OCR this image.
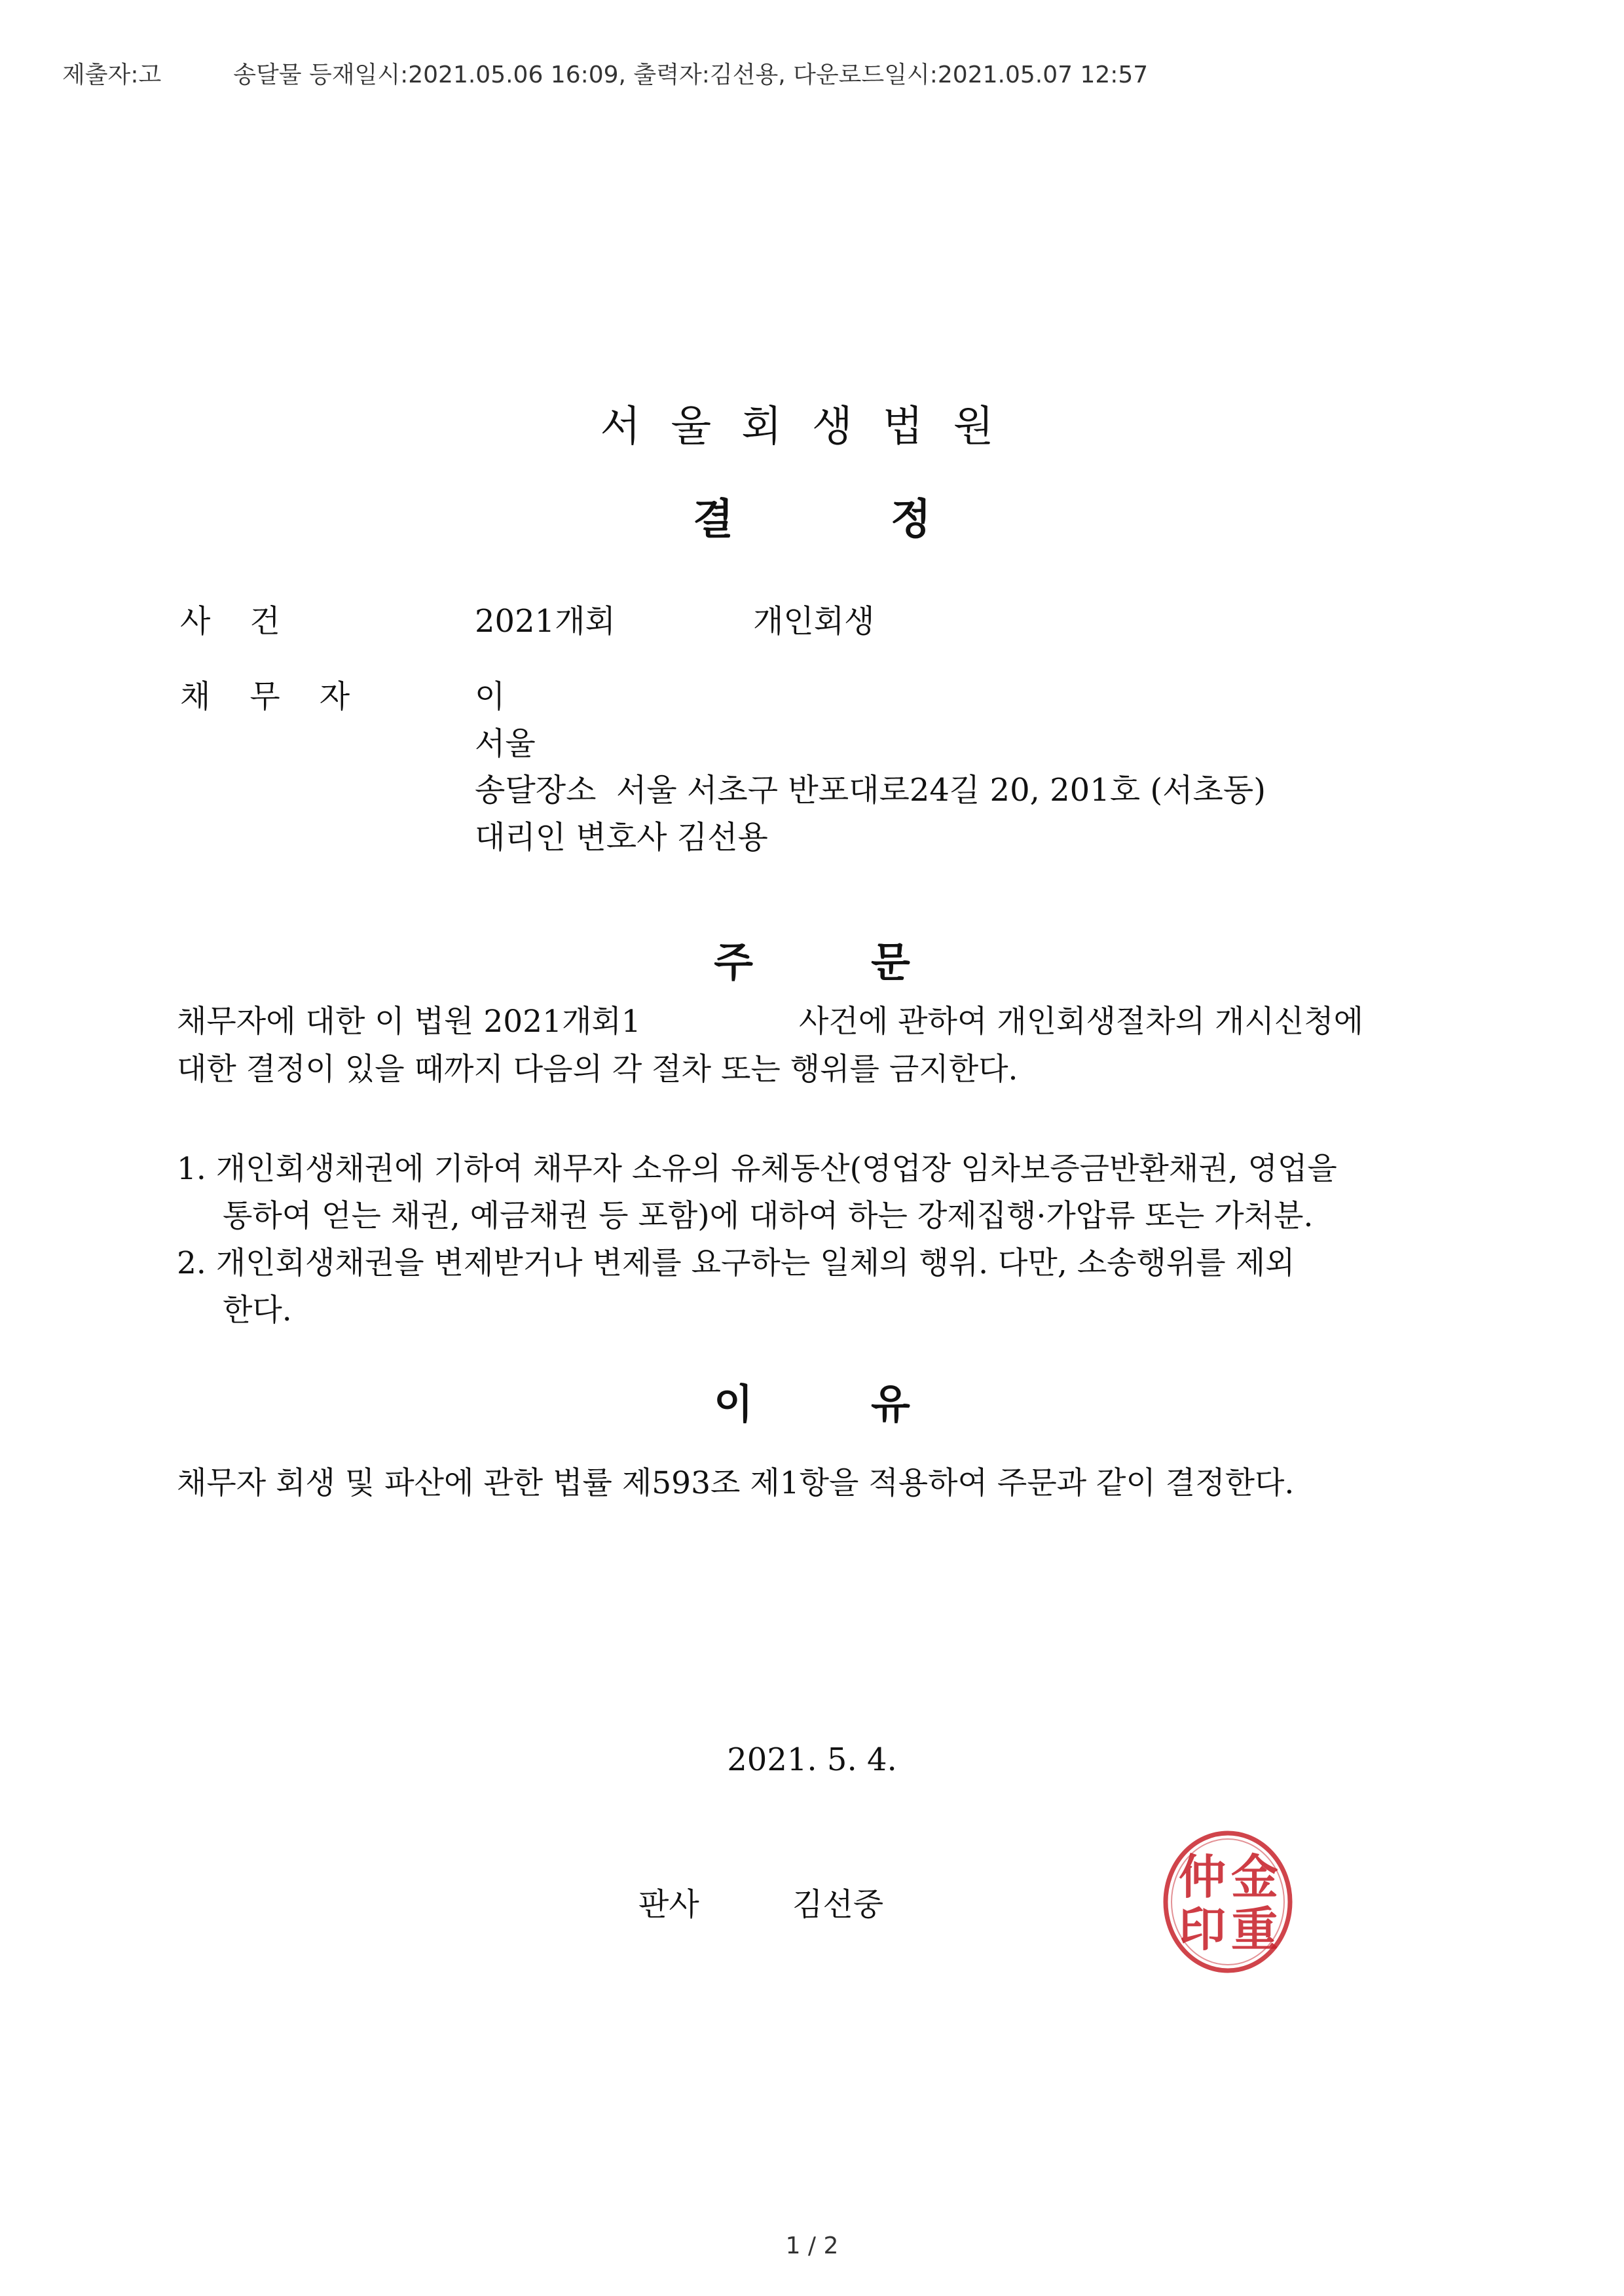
제출자:고	송달물 등재일시:2021.05.06 16:09, 출력자:김선용, 다운로드일시:2021.05.07 12:57
서울회생법원
결정
사건	2021개회	개인회생
채무자	이
서울
송달장소 서울 서초구 반포대로24길 20, 201호 (서초동)
대리인 변호사 김선용
주문
채무자에 대한 이 법원 2021개회1	사건에 관하여 개인회생절차의 개시신청에
대한 결정이 있을 때까지 다음의 각 절차 또는 행위를 금지한다.
1. 개인회생채권에 기하여 채무자 소유의 유체동산(영업장 임차보증금반환채권, 영업을
통하여 얻는 채권, 예금채권 등 포함)에 대하여 하는 강제집행·가압류 또는 가처분.
2. 개인회생채권을 변제받거나 변제를 요구하는 일체의 행위. 다만, 소송행위를 제외
한다.
이유
채무자 회생 및 파산에 관한 법률 제593조 제1항을 적용하여 주문과 같이 결정한다.
2021. 5. 4.
판사	김선중	仲 金
印 重
1 / 2
